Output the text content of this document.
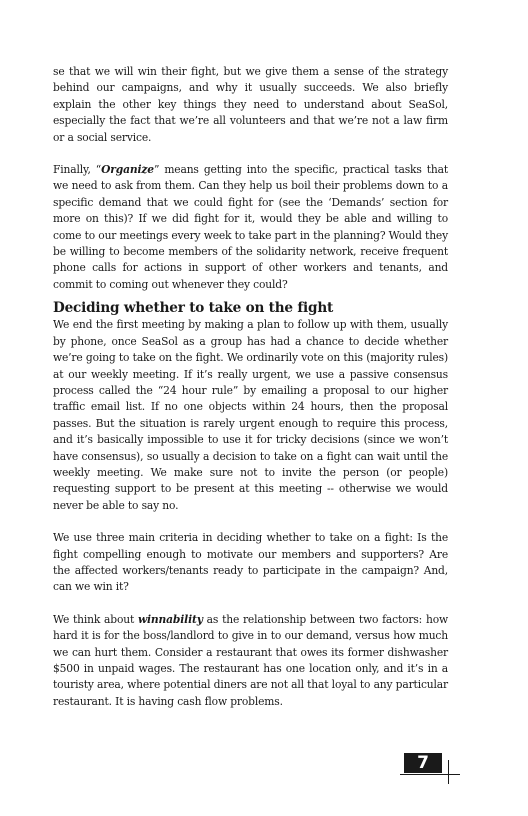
se that we will win their fight, but we give them a sense of the strategy behind our campaigns, and why it usually succeeds. We also briefly explain the other key things they need to understand about SeaSol, especially the fact that we’re all volunteers and that we’re not a law firm or a social service.

Finally, “Organize” means getting into the specific, practical tasks that we need to ask from them. Can they help us boil their problems down to a specific demand that we could fight for (see the ‘Demands’ section for more on this)? If we did fight for it, would they be able and willing to come to our meetings every week to take part in the planning? Would they be willing to become members of the solidarity network, receive frequent phone calls for actions in support of other workers and tenants, and commit to coming out whenever they could?

Deciding whether to take on the fight

We end the first meeting by making a plan to follow up with them, usually by phone, once SeaSol as a group has had a chance to decide whether we’re going to take on the fight. We ordinarily vote on this (majority rules) at our weekly meeting. If it’s really urgent, we use a passive consensus process called the “24 hour rule” by emailing a proposal to our higher traffic email list. If no one objects within 24 hours, then the proposal passes. But the situation is rarely urgent enough to require this process, and it’s basically impossible to use it for tricky decisions (since we won’t have consensus), so usually a decision to take on a fight can wait until the weekly meeting. We make sure not to invite the person (or people) requesting support to be present at this meeting -- otherwise we would never be able to say no.

We use three main criteria in deciding whether to take on a fight: Is the fight compelling enough to motivate our members and supporters? Are the affected workers/tenants ready to participate in the campaign? And, can we win it?

We think about winnability as the relationship between two factors: how hard it is for the boss/landlord to give in to our demand, versus how much we can hurt them. Consider a restaurant that owes its former dishwasher $500 in unpaid wages. The restaurant has one location only, and it’s in a touristy area, where potential diners are not all that loyal to any particular restaurant. It is having cash flow problems.

7
